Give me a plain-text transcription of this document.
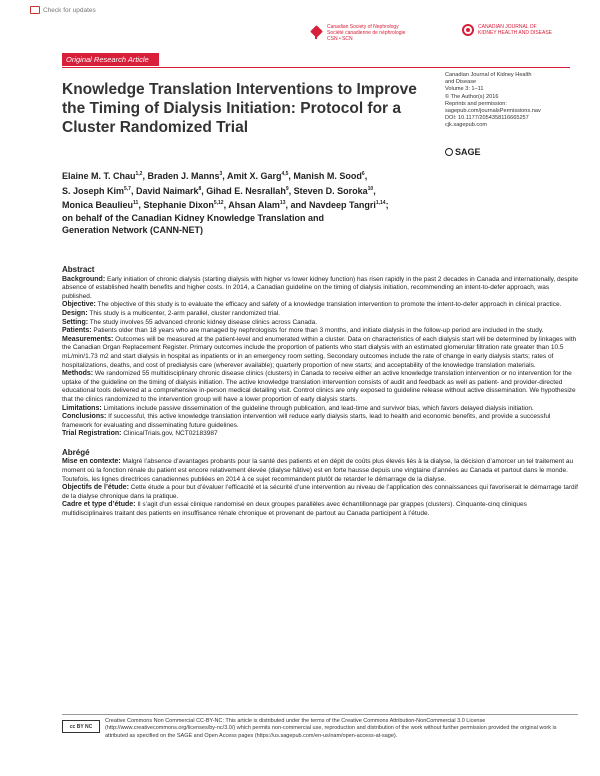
Check for updates
Canadian Society of Nephrology
Société canadienne de néphrologie
CSN • SCN
CANADIAN JOURNAL OF
KIDNEY HEALTH AND DISEASE
Original Research Article
Knowledge Translation Interventions to Improve the Timing of Dialysis Initiation: Protocol for a Cluster Randomized Trial
Canadian Journal of Kidney Health
and Disease
Volume 3: 1–11
© The Author(s) 2016
Reprints and permission:
sagepub.com/journalsPermissions.nav
DOI: 10.1177/2054358116665257
cjk.sagepub.com
SAGE
Elaine M. T. Chau$^{1,2}$, Braden J. Manns$^3$, Amit X. Garg$^{4,5}$, Manish M. Sood$^6$,
S. Joseph Kim$^{5,7}$, David Naimark$^8$, Gihad E. Nesrallah$^9$, Steven D. Soroka$^{10}$,
Monica Beaulieu$^{11}$, Stephanie Dixon$^{5,12}$, Ahsan Alam$^{13}$, and Navdeep Tangri$^{1,14}$;
on behalf of the Canadian Kidney Knowledge Translation and
Generation Network (CANN-NET)
Abstract

Background: Early initiation of chronic dialysis (starting dialysis with higher vs lower kidney function) has risen rapidly in the past 2 decades in Canada and internationally, despite absence of established health benefits and higher costs. In 2014, a Canadian guideline on the timing of dialysis initiation, recommending an intent-to-defer approach, was published.

Objective: The objective of this study is to evaluate the efficacy and safety of a knowledge translation intervention to promote the intent-to-defer approach in clinical practice.

Design: This study is a multicenter, 2-arm parallel, cluster randomized trial.

Setting: The study involves 55 advanced chronic kidney disease clinics across Canada.

Patients: Patients older than 18 years who are managed by nephrologists for more than 3 months, and initiate dialysis in the follow-up period are included in the study.

Measurements: Outcomes will be measured at the patient-level and enumerated within a cluster. Data on characteristics of each dialysis start will be determined by linkages with the Canadian Organ Replacement Register. Primary outcomes include the proportion of patients who start dialysis with an estimated glomerular filtration rate greater than 10.5 mL/min/1.73 m2 and start dialysis in hospital as inpatients or in an emergency room setting. Secondary outcomes include the rate of change in early dialysis starts; rates of hospitalizations, deaths, and cost of predialysis care (wherever available); quarterly proportion of new starts; and acceptability of the knowledge translation materials.

Methods: We randomized 55 multidisciplinary chronic disease clinics (clusters) in Canada to receive either an active knowledge translation intervention or no intervention for the uptake of the guideline on the timing of dialysis initiation. The active knowledge translation intervention consists of audit and feedback as well as patient- and provider-directed educational tools delivered at a comprehensive in-person medical detailing visit. Control clinics are only exposed to guideline release without active dissemination. We hypothesize that the clinics randomized to the intervention group will have a lower proportion of early dialysis starts.

Limitations: Limitations include passive dissemination of the guideline through publication, and lead-time and survivor bias, which favors delayed dialysis initiation.

Conclusions: If successful, this active knowledge translation intervention will reduce early dialysis starts, lead to health and economic benefits, and provide a successful framework for evaluating and disseminating future guidelines.

Trial Registration: ClinicalTrials.gov, NCT02183987

Abrégé

Mise en contexte: Malgré l’absence d’avantages probants pour la santé des patients et en dépit de coûts plus élevés liés à la dialyse, la décision d’amorcer un tel traitement au moment où la fonction rénale du patient est encore relativement élevée (dialyse hâtive) est en forte hausse depuis une vingtaine d’années au Canada et partout dans le monde. Toutefois, les lignes directrices canadiennes publiées en 2014 à ce sujet recommandent plutôt de retarder le démarrage de la dialyse.

Objectifs de l’étude: Cette étude a pour but d’évaluer l’efficacité et la sécurité d’une intervention au niveau de l’application des connaissances qui favoriserait le démarrage tardif de la dialyse chronique dans la pratique.

Cadre et type d’étude: Il s’agit d’un essai clinique randomisé en deux groupes parallèles avec échantillonnage par grappes (clusters). Cinquante-cinq cliniques multidisciplinaires traitant des patients en insuffisance rénale chronique et provenant de partout au Canada participent à l’étude.

cc BY NC
Creative Commons Non Commercial CC-BY-NC: This article is distributed under the terms of the Creative Commons Attribution-NonCommercial 3.0 License (http://www.creativecommons.org/licenses/by-nc/3.0/) which permits non-commercial use, reproduction and distribution of the work without further permission provided the original work is attributed as specified on the SAGE and Open Access pages (https://us.sagepub.com/en-us/nam/open-access-at-sage).
